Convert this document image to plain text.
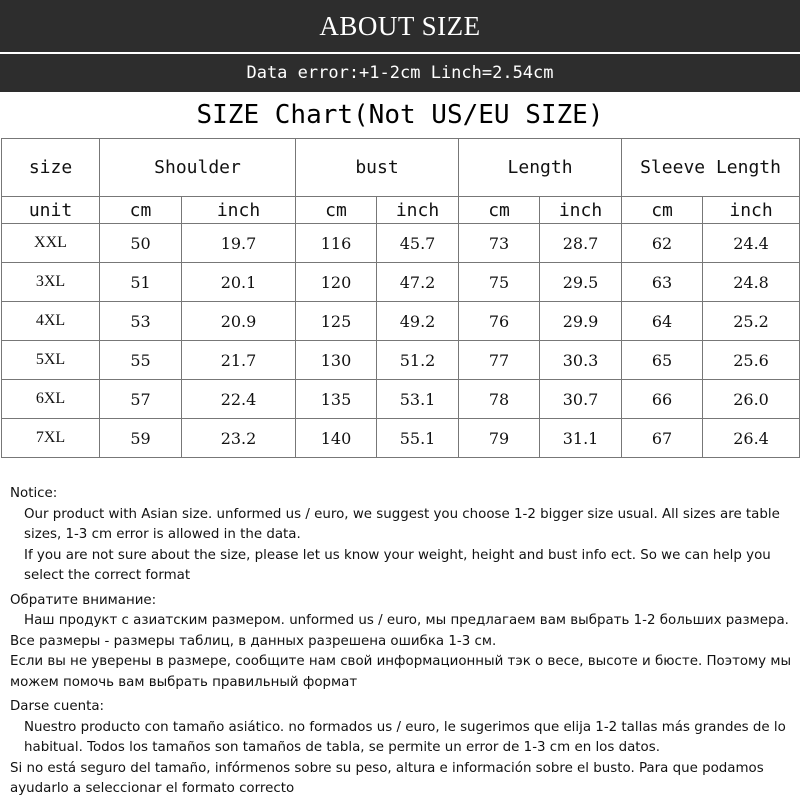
ABOUT SIZE
Data error:+1-2cm Linch=2.54cm
SIZE Chart(Not US/EU SIZE)
size	Shoulder		bust		Length		Sleeve Length	
unit	cm	inch	cm	inch	cm	inch	cm	inch
XXL	50	19.7	116	45.7	73	28.7	62	24.4
3XL	51	20.1	120	47.2	75	29.5	63	24.8
4XL	53	20.9	125	49.2	76	29.9	64	25.2
5XL	55	21.7	130	51.2	77	30.3	65	25.6
6XL	57	22.4	135	53.1	78	30.7	66	26.0
7XL	59	23.2	140	55.1	79	31.1	67	26.4

Notice:

Our product with Asian size. unformed us / euro, we suggest you choose 1-2 bigger size usual. All sizes are table sizes, 1-3 cm error is allowed in the data.

If you are not sure about the size, please let us know your weight, height and bust info ect. So we can help you select the correct format

Обратите внимание:

Наш продукт с азиатским размером. unformed us / euro, мы предлагаем вам выбрать 1-2 больших размера.

Все размеры - размеры таблиц, в данных разрешена ошибка 1-3 см.

Если вы не уверены в размере, сообщите нам свой информационный тэк о весе, высоте и бюсте. Поэтому мы можем помочь вам выбрать правильный формат

Darse cuenta:

Nuestro producto con tamaño asiático. no formados us / euro, le sugerimos que elija 1-2 tallas más grandes de lo habitual. Todos los tamaños son tamaños de tabla, se permite un error de 1-3 cm en los datos.

Si no está seguro del tamaño, infórmenos sobre su peso, altura e información sobre el busto. Para que podamos ayudarlo a seleccionar el formato correcto
